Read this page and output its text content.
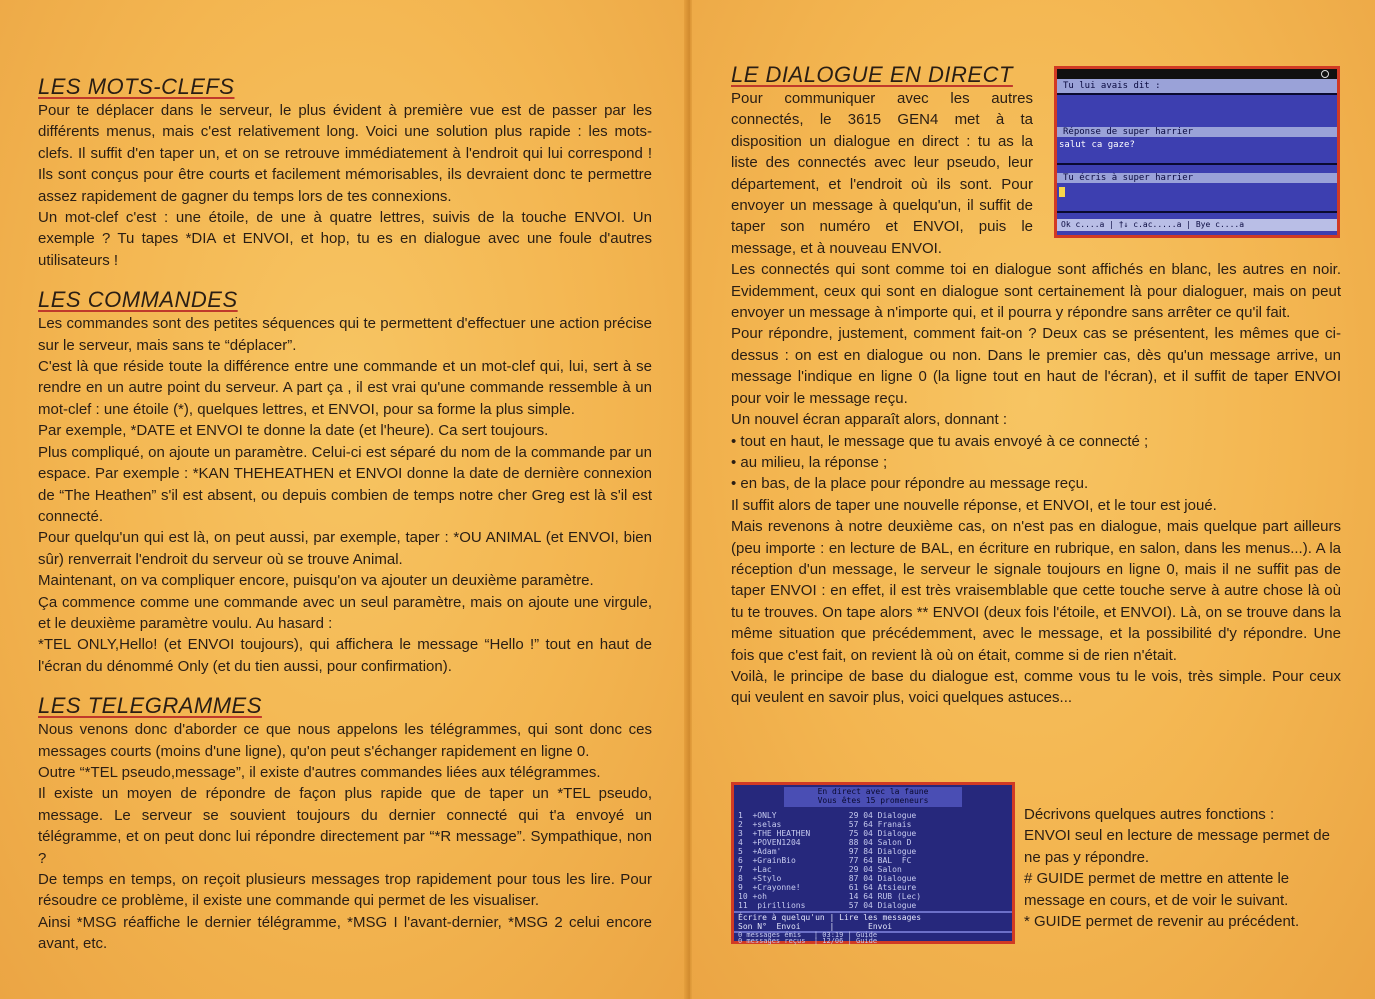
LES MOTS-CLEFS

Pour te déplacer dans le serveur, le plus évident à première vue est de passer par les différents menus, mais c'est relativement long. Voici une solution plus rapide : les mots-clefs. Il suffit d'en taper un, et on se retrouve immédiatement à l'endroit qui lui correspond ! Ils sont conçus pour être courts et facilement mémorisables, ils devraient donc te permettre assez rapidement de gagner du temps lors de tes connexions.

Un mot-clef c'est : une étoile, de une à quatre lettres, suivis de la touche ENVOI. Un exemple ? Tu tapes *DIA et ENVOI, et hop, tu es en dialogue avec une foule d'autres utilisateurs !

LES COMMANDES

Les commandes sont des petites séquences qui te permettent d'effectuer une action précise sur le serveur, mais sans te “déplacer”.

C'est là que réside toute la différence entre une commande et un mot-clef qui, lui, sert à se rendre en un autre point du serveur. A part ça , il est vrai qu'une commande ressemble à un mot-clef : une étoile (*), quelques lettres, et ENVOI, pour sa forme la plus simple.

Par exemple, *DATE et ENVOI te donne la date (et l'heure). Ca sert toujours.

Plus compliqué, on ajoute un paramètre. Celui-ci est séparé du nom de la commande par un espace. Par exemple : *KAN THEHEATHEN et ENVOI donne la date de dernière connexion de “The Heathen” s'il est absent, ou depuis combien de temps notre cher Greg est là s'il est connecté.

Pour quelqu'un qui est là, on peut aussi, par exemple, taper : *OU ANIMAL (et ENVOI, bien sûr) renverrait l'endroit du serveur où se trouve Animal.

Maintenant, on va compliquer encore, puisqu'on va ajouter un deuxième paramètre.

Ça commence comme une commande avec un seul paramètre, mais on ajoute une virgule, et le deuxième paramètre voulu. Au hasard :

*TEL ONLY,Hello! (et ENVOI toujours), qui affichera le message “Hello !” tout en haut de l'écran du dénommé Only (et du tien aussi, pour confirmation).

LES TELEGRAMMES

Nous venons donc d'aborder ce que nous appelons les télégrammes, qui sont donc ces messages courts (moins d'une ligne), qu'on peut s'échanger rapidement en ligne 0.

Outre “*TEL pseudo,message”, il existe d'autres commandes liées aux télégrammes.

Il existe un moyen de répondre de façon plus rapide que de taper un *TEL pseudo, message. Le serveur se souvient toujours du dernier connecté qui t'a envoyé un télégramme, et on peut donc lui répondre directement par “*R message”. Sympathique, non ?

De temps en temps, on reçoit plusieurs messages trop rapidement pour tous les lire. Pour résoudre ce problème, il existe une commande qui permet de les visualiser.

Ainsi *MSG réaffiche le dernier télégramme, *MSG I l'avant-dernier, *MSG 2 celui encore avant, etc.

LE DIALOGUE EN DIRECT

Pour communiquer avec les autres connectés, le 3615 GEN4 met à ta disposition un dialogue en direct : tu as la liste des connectés avec leur pseudo, leur département, et l'endroit où ils sont. Pour envoyer un message à quelqu'un, il suffit de taper son numéro et ENVOI, puis le message, et à nouveau ENVOI.

Les connectés qui sont comme toi en dialogue sont affichés en blanc, les autres en noir. Evidemment, ceux qui sont en dialogue sont certainement là pour dialoguer, mais on peut envoyer un message à n'importe qui, et il pourra y répondre sans arrêter ce qu'il fait.

Pour répondre, justement, comment fait-on ? Deux cas se présentent, les mêmes que ci-dessus : on est en dialogue ou non. Dans le premier cas, dès qu'un message arrive, un message l'indique en ligne 0 (la ligne tout en haut de l'écran), et il suffit de taper ENVOI pour voir le message reçu.

Un nouvel écran apparaît alors, donnant :

• tout en haut, le message que tu avais envoyé à ce connecté ;
• au milieu, la réponse ;
• en bas, de la place pour répondre au message reçu.

Il suffit alors de taper une nouvelle réponse, et ENVOI, et le tour est joué.

Mais revenons à notre deuxième cas, on n'est pas en dialogue, mais quelque part ailleurs (peu importe : en lecture de BAL, en écriture en rubrique, en salon, dans les menus...). A la réception d'un message, le serveur le signale toujours en ligne 0, mais il ne suffit pas de taper ENVOI : en effet, il est très vraisemblable que cette touche serve à autre chose là où tu te trouves. On tape alors ** ENVOI (deux fois l'étoile, et ENVOI). Là, on se trouve dans la même situation que précédemment, avec le message, et la possibilité d'y répondre. Une fois que c'est fait, on revient là où on était, comme si de rien n'était.

Voilà, le principe de base du dialogue est, comme vous tu le vois, très simple. Pour ceux qui veulent en savoir plus, voici quelques astuces...

Décrivons quelques autres fonctions :

ENVOI seul en lecture de message permet de ne pas y répondre.

# GUIDE permet de mettre en attente le message en cours, et de voir le suivant.

* GUIDE permet de revenir au précédent.

Tu lui avais dit :
Réponse de super harrier
salut ca gaze?
Tu écris à super harrier
Ok c....a | †↓ c.ac.....a | Bye c....a
En direct avec la faune
Vous êtes 15 promeneurs
1  +ONLY               29 04 Dialogue
2  +selas              57 64 Franais
3  +THE HEATHEN        75 04 Dialogue
4  +POVEN1204          88 04 Salon D
5  +Adam'              97 84 Dialogue
6  +GrainBio           77 64 BAL  FC
7  +Lac                29 04 Salon
8  +Stylo              87 04 Dialogue
9  +Crayonne!          61 64 Atsieure
10 +oh                 14 64 RUB (Lec)
11  pirillions         57 04 Dialogue
Écrire à quelqu'un | Lire les messages
Son N°  Envoi      |       Envoi
0 messages émis   | 03:19 | Guide
0 messages reçus  | 12/06 | Guide
